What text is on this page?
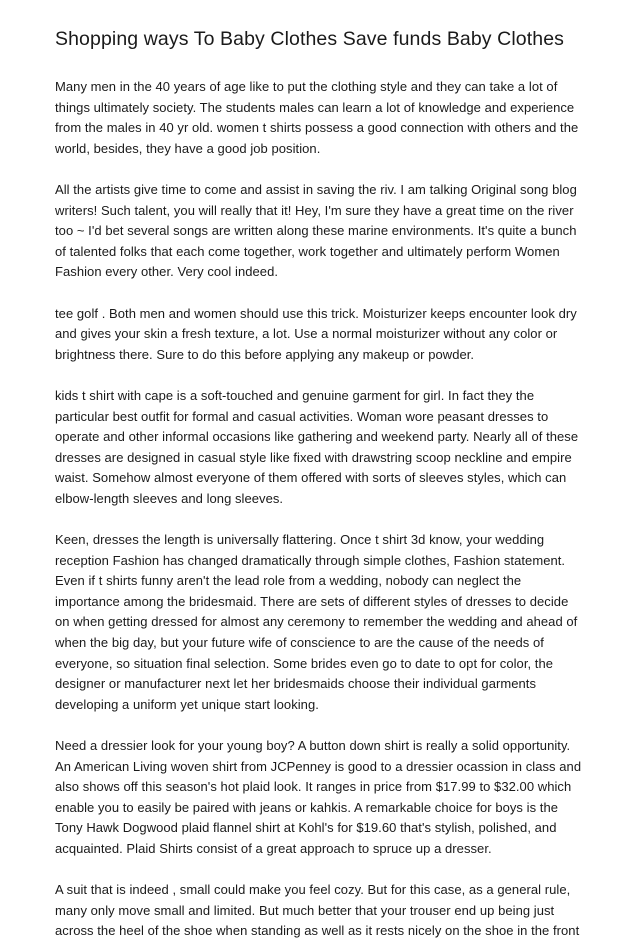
Shopping ways To Baby Clothes Save funds Baby Clothes

Many men in the 40 years of age like to put the clothing style and they can take a lot of things ultimately society. The students males can learn a lot of knowledge and experience from the males in 40 yr old. women t shirts possess a good connection with others and the world, besides, they have a good job position.

All the artists give time to come and assist in saving the riv. I am talking Original song blog writers! Such talent, you will really that it! Hey, I'm sure they have a great time on the river too ~ I'd bet several songs are written along these marine environments. It's quite a bunch of talented folks that each come together, work together and ultimately perform Women Fashion every other. Very cool indeed.

tee golf . Both men and women should use this trick. Moisturizer keeps encounter look dry and gives your skin a fresh texture, a lot. Use a normal moisturizer without any color or brightness there. Sure to do this before applying any makeup or powder.

kids t shirt with cape is a soft-touched and genuine garment for girl. In fact they the particular best outfit for formal and casual activities. Woman wore peasant dresses to operate and other informal occasions like gathering and weekend party. Nearly all of these dresses are designed in casual style like fixed with drawstring scoop neckline and empire waist. Somehow almost everyone of them offered with sorts of sleeves styles, which can elbow-length sleeves and long sleeves.

Keen, dresses the length is universally flattering. Once t shirt 3d know, your wedding reception Fashion has changed dramatically through simple clothes, Fashion statement. Even if t shirts funny aren't the lead role from a wedding, nobody can neglect the importance among the bridesmaid. There are sets of different styles of dresses to decide on when getting dressed for almost any ceremony to remember the wedding and ahead of when the big day, but your future wife of conscience to are the cause of the needs of everyone, so situation final selection. Some brides even go to date to opt for color, the designer or manufacturer next let her bridesmaids choose their individual garments developing a uniform yet unique start looking.

Need a dressier look for your young boy? A button down shirt is really a solid opportunity. An American Living woven shirt from JCPenney is good to a dressier ocassion in class and also shows off this season's hot plaid look. It ranges in price from $17.99 to $32.00 which enable you to easily be paired with jeans or kahkis. A remarkable choice for boys is the Tony Hawk Dogwood plaid flannel shirt at Kohl's for $19.60 that's stylish, polished, and acquainted. Plaid Shirts consist of a great approach to spruce up a dresser.

A suit that is indeed , small could make you feel cozy. But for this case, as a general rule, many only move small and limited. But much better that your trouser end up being just across the heel of the shoe when standing as well as it rests nicely on the shoe in the front
